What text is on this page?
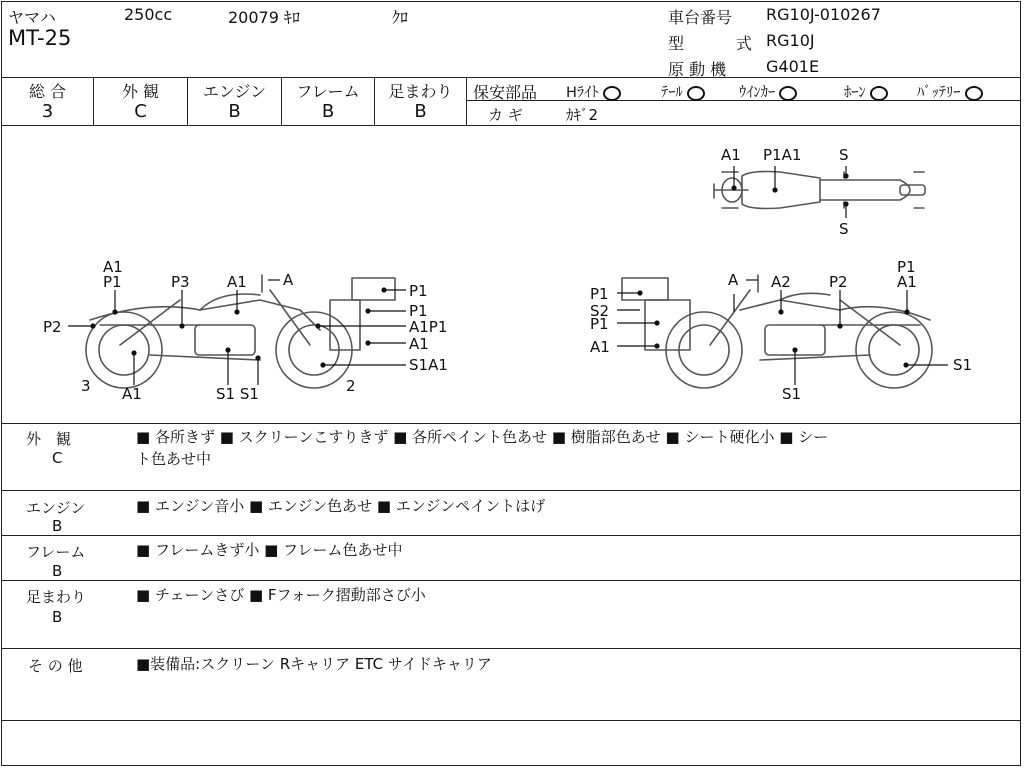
ヤマハ	250cc	20079 ｷﾛ	ｸﾛ
MT-25
車台番号 RG10J-010267
型	式 RG10J
原 動 機 G401E
総 合
3
外 観
C
エンジン
B
フレーム
B
足まわり
B
保安部品 Hﾗｲﾄ	ﾃｰﾙ	ｳｲﾝｶｰ	ﾎｰﾝ	ﾊﾞｯﾃﾘｰ
カ ギ	ｶｷﾞ2
A1 P1A1	S
S
A1
P1	P3 A1 A
P1
P1
A1P1
A1
P2
S1A1
3 A1	S1 S1	2
P1
S2
P1
A1
A A2	P2
P1
A1
S1
S1
外　観
C
■ 各所きず ■ スクリーンこすりきず ■ 各所ペイント色あせ ■ 樹脂部色あせ ■ シート硬化小 ■ シー
ト色あせ中
エンジン
B
■ エンジン音小 ■ エンジン色あせ ■ エンジンペイントはげ
フレーム
B
■ フレームきず小 ■ フレーム色あせ中
足まわり
B
■ チェーンさび ■ Fフォーク摺動部さび小
そ の 他	■装備品:スクリーン Rキャリア ETC サイドキャリア
